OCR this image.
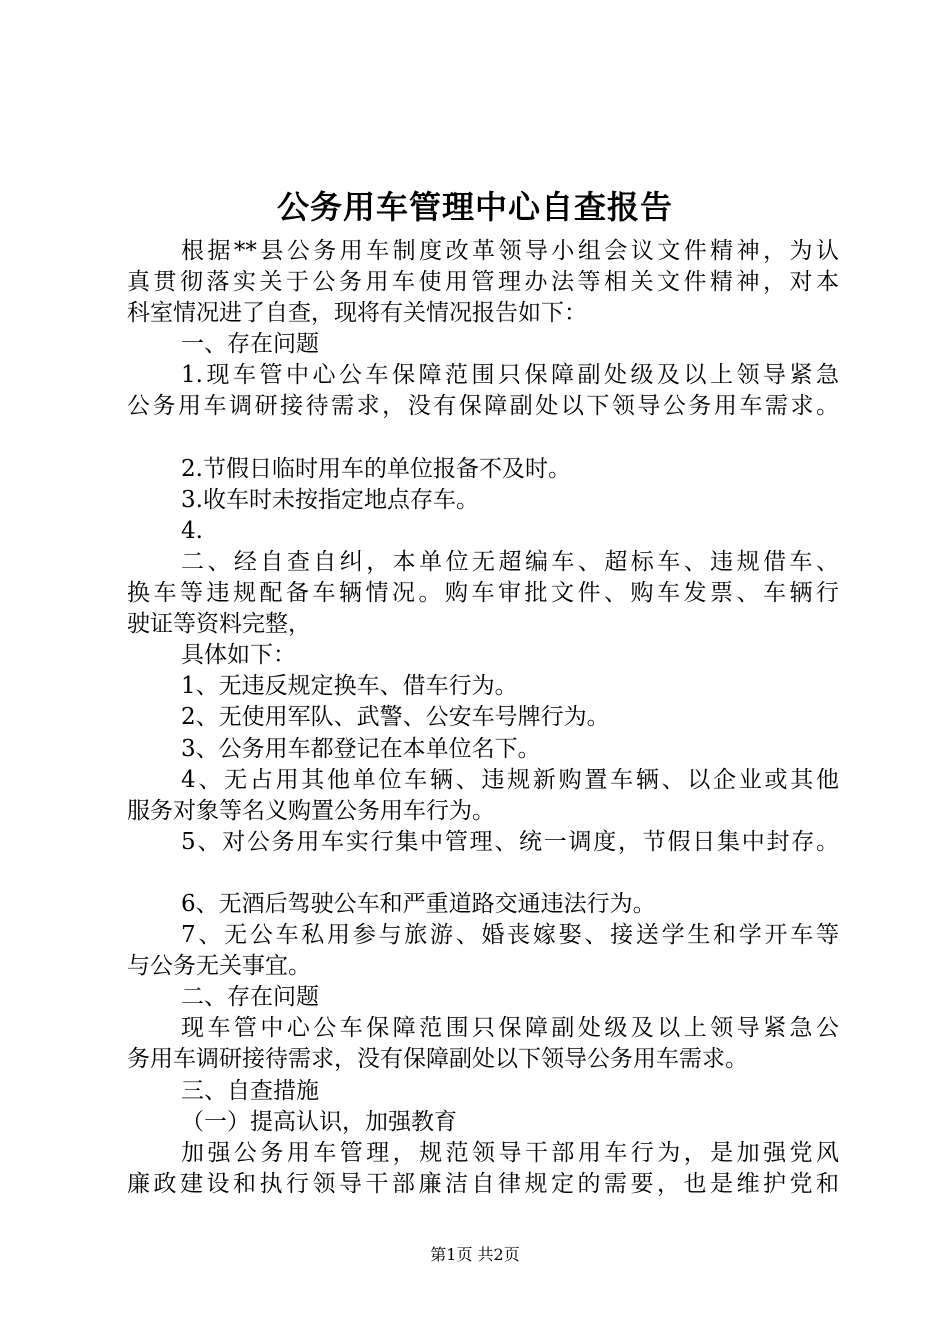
公务用车管理中心自查报告
根据**县公务用车制度改革领导小组会议文件精神，为认
真贯彻落实关于公务用车使用管理办法等相关文件精神，对本
科室情况进了自查，现将有关情况报告如下：
一、存在问题
1.现车管中心公车保障范围只保障副处级及以上领导紧急
公务用车调研接待需求，没有保障副处以下领导公务用车需求。
2.节假日临时用车的单位报备不及时。
3.收车时未按指定地点存车。
4.
二、经自查自纠，本单位无超编车、超标车、违规借车、
换车等违规配备车辆情况。购车审批文件、购车发票、车辆行
驶证等资料完整，
具体如下：
1、无违反规定换车、借车行为。
2、无使用军队、武警、公安车号牌行为。
3、公务用车都登记在本单位名下。
4、无占用其他单位车辆、违规新购置车辆、以企业或其他
服务对象等名义购置公务用车行为。
5、对公务用车实行集中管理、统一调度，节假日集中封存。
6、无酒后驾驶公车和严重道路交通违法行为。
7、无公车私用参与旅游、婚丧嫁娶、接送学生和学开车等
与公务无关事宜。
二、存在问题
现车管中心公车保障范围只保障副处级及以上领导紧急公
务用车调研接待需求，没有保障副处以下领导公务用车需求。
三、自查措施
（一）提高认识，加强教育
加强公务用车管理，规范领导干部用车行为，是加强党风
廉政建设和执行领导干部廉洁自律规定的需要，也是维护党和
第1页 共2页
